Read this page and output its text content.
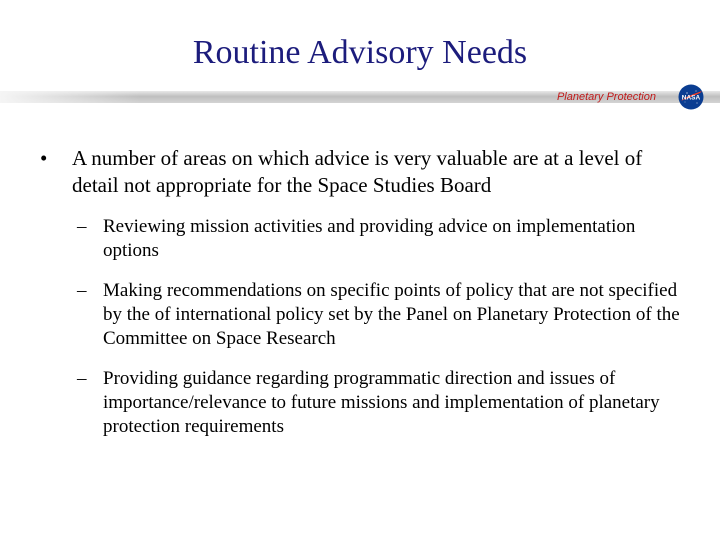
Routine Advisory Needs
Planetary Protection	NASA
•	A number of areas on which advice is very valuable are at a level of detail not appropriate for the Space Studies Board
– Reviewing mission activities and providing advice on implementation options
– Making recommendations on specific points of policy that are not specified by the of international policy set by the Panel on Planetary Protection of the Committee on Space Research
– Providing guidance regarding programmatic direction and issues of importance/relevance to future missions and implementation of planetary protection requirements
